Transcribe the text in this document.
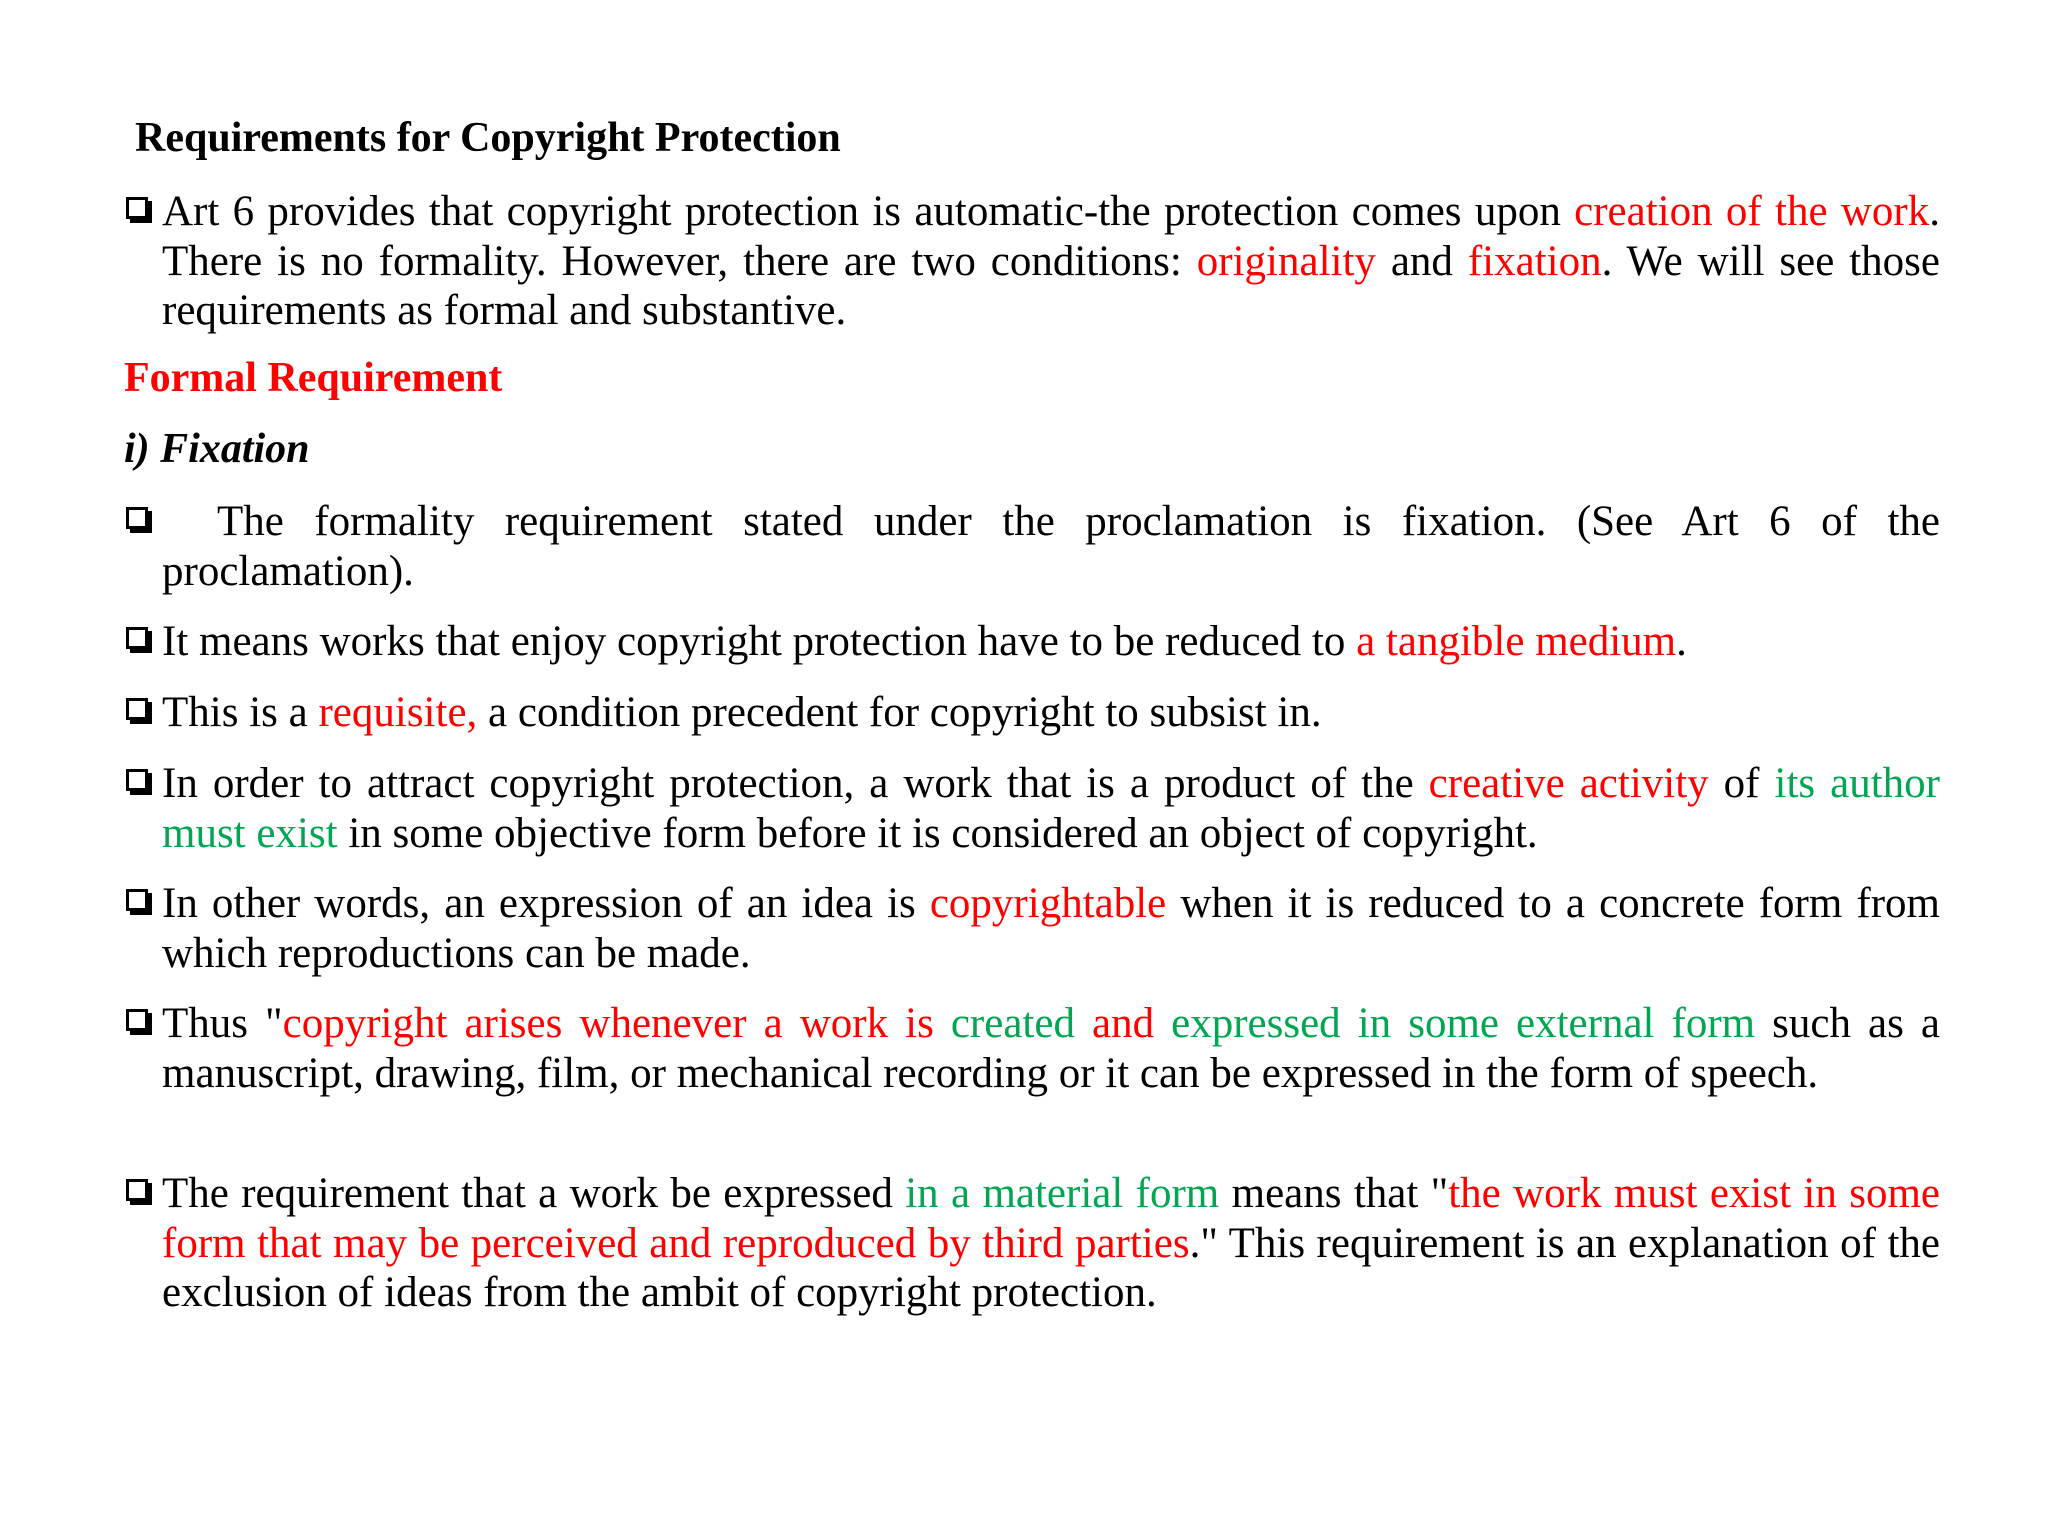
Requirements for Copyright Protection
Art 6 provides that copyright protection is automatic-the protection comes upon creation of the work. There is no formality. However, there are two conditions: originality and fixation. We will see those requirements as formal and substantive.
Formal Requirement
i) Fixation
The formality requirement stated under the proclamation is fixation. (See Art 6 of the proclamation).
It means works that enjoy copyright protection have to be reduced to a tangible medium.
This is a requisite, a condition precedent for copyright to subsist in.
In order to attract copyright protection, a work that is a product of the creative activity of its author must exist in some objective form before it is considered an object of copyright.
In other words, an expression of an idea is copyrightable when it is reduced to a concrete form from which reproductions can be made.
Thus "copyright arises whenever a work is created and expressed in some external form such as a manuscript, drawing, film, or mechanical recording or it can be expressed in the form of speech.
The requirement that a work be expressed in a material form means that "the work must exist in some form that may be perceived and reproduced by third parties." This requirement is an explanation of the exclusion of ideas from the ambit of copyright protection.
